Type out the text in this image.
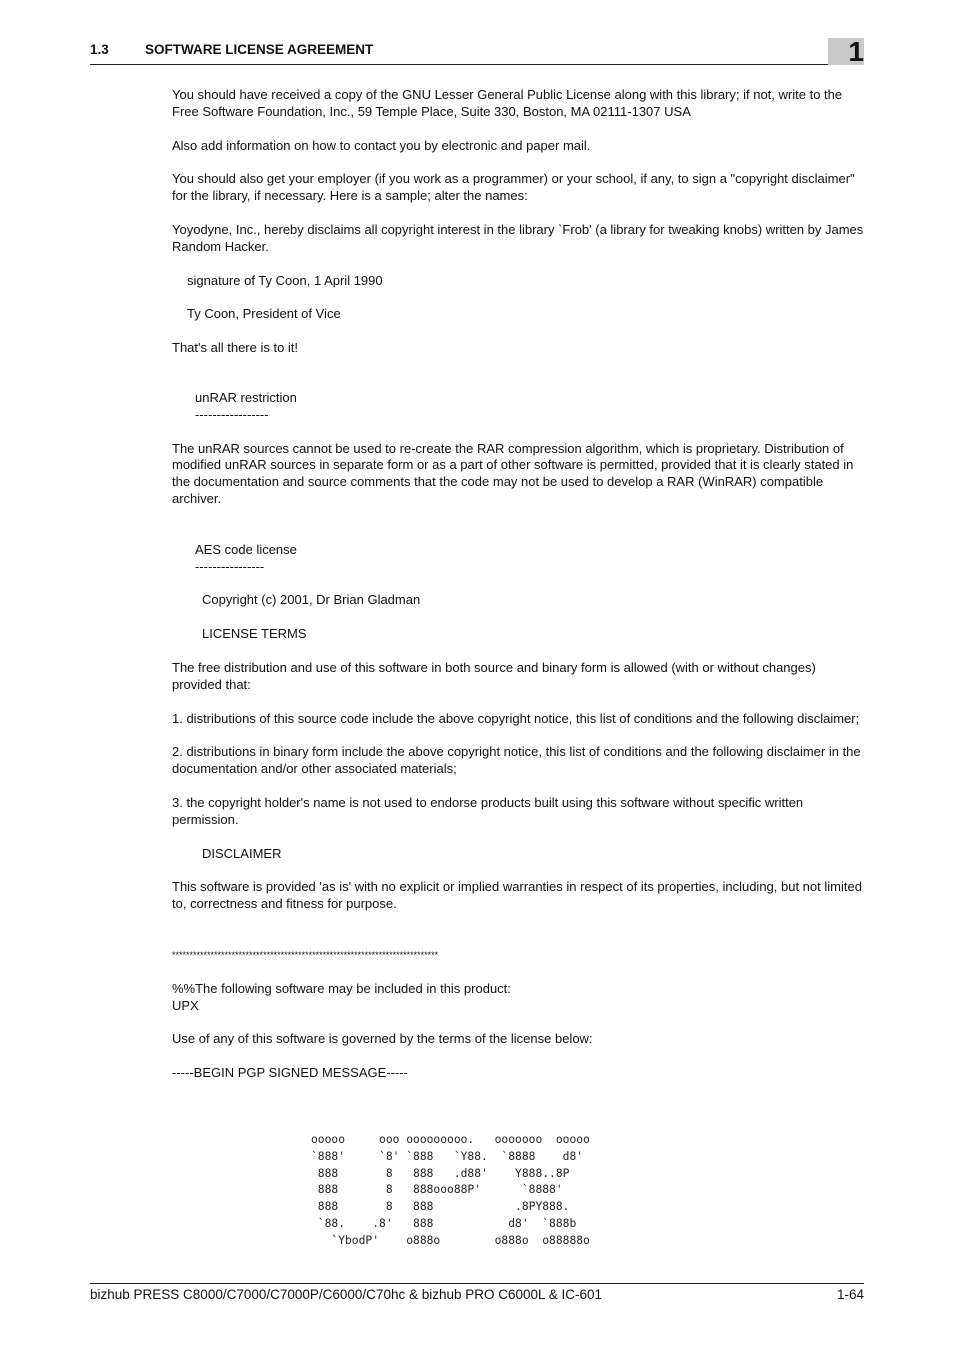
1.3	SOFTWARE LICENSE AGREEMENT	1

You should have received a copy of the GNU Lesser General Public License along with this library; if not, write to the Free Software Foundation, Inc., 59 Temple Place, Suite 330, Boston, MA 02111-1307 USA

Also add information on how to contact you by electronic and paper mail.

You should also get your employer (if you work as a programmer) or your school, if any, to sign a "copyright disclaimer" for the library, if necessary. Here is a sample; alter the names:

Yoyodyne, Inc., hereby disclaims all copyright interest in the library `Frob' (a library for tweaking knobs) written by James Random Hacker.

signature of Ty Coon, 1 April 1990

Ty Coon, President of Vice

That's all there is to it!

unRAR restriction

-----------------

The unRAR sources cannot be used to re-create the RAR compression algorithm, which is proprietary. Distribution of modified unRAR sources in separate form or as a part of other software is permitted, provided that it is clearly stated in the documentation and source comments that the code may not be used to develop a RAR (WinRAR) compatible archiver.

AES code license

----------------

Copyright (c) 2001, Dr Brian Gladman

LICENSE TERMS

The free distribution and use of this software in both source and binary form is allowed (with or without changes) provided that:

1. distributions of this source code include the above copyright notice, this list of conditions and the following disclaimer;

2. distributions in binary form include the above copyright notice, this list of conditions and the following disclaimer in the documentation and/or other associated materials;

3. the copyright holder's name is not used to endorse products built using this software without specific written permission.

DISCLAIMER

This software is provided 'as is' with no explicit or implied warranties in respect of its properties, including, but not limited to, correctness and fitness for purpose.

****************************************************************************

%%The following software may be included in this product:

UPX

Use of any of this software is governed by the terms of the license below:

-----BEGIN PGP SIGNED MESSAGE-----

ooooo     ooo ooooooooo.   ooooooo  ooooo
`888'     `8' `888   `Y88.  `8888    d8'
888       8   888   .d88'    Y888..8P
888       8   888ooo88P'      `8888'
888       8   888            .8PY888.
`88.    .8'   888           d8'  `888b
`YbodP'    o888o        o888o  o88888o
bizhub PRESS C8000/C7000/C7000P/C6000/C70hc & bizhub PRO C6000L & IC-601	1-64
